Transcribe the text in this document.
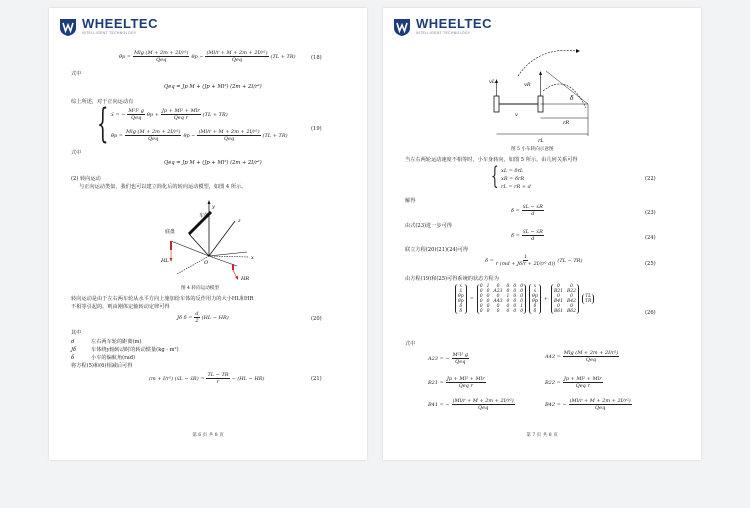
WHEELTEC
INTELLIGENT TECHNOLOGY
θ̈p = $\frac{\text{Mlg (M + 2m + 2I/r²)}}{\text{Qeq}}$ $\theta p - \frac{\text{(Ml/r + M + 2m + 2I/r²)}}{\text{Qeq}} (TL + TR)$	(18)
式中
Qeq = Jp M + (Jp + Ml²) (2m + 2I/r²)
综上所述，对于正向运动有
{ ẍ = − $\frac{\text{M²l² g}}{\text{Qeq}}$ $\theta p + \frac{\text{Jp + Ml² + Mlr}}{\text{Qeq r}} (TL + TR)$
θ̈p = $\frac{\text{Mlg (M + 2m + 2I/r²)}}{\text{Qeq}}$ $\theta p - \frac{\text{(Ml/r + M + 2m + 2I/r²)}}{\text{Qeq}} (TL + TR)$
(19)
式中
Qeq = Jp M + (Jp + Ml²) (2m + 2I/r²)
(2) 转向运动
与正向运动类似，我们也可以建立简化后的转向运动模型，如图 4 所示。
车体
底盘
y
z
x
O
HL
HR
图 4 转向运动模型
转向运动是由于左右两车轮从水平方向上施加给车体的反作用力的大小HL和HR
不相等引起的，则由刚体定轴转动定律可得
Jδ δ̈ = $\frac{d}{2} (HL - HR)$	(20)
其中
d	左右两车轮的距离(m)
Jδ	车体绕y轴转动时的转动惯量(kg · m²)
δ	小车的偏航角(rad)
将方程(5)和(6)相减后可得
(m + I/r²) (ẍL − ẍR) = $\frac{TL - TR}{r} - (HL - HR)$	(21)
第 6 页 共 8 页
WHEELTEC
INTELLIGENT TECHNOLOGY
vL	vR
v
δ
rL
rR
图 5 小车转向示意图
当左右两轮运动速度不相等时，小车身转向，如图 5 所示，由几何关系可得
{ xL = δrL
xR = δrR
rL = rR + d
(22)
解得
δ̇ = $\frac{\text{ẋL − ẋR}}{d}$	(23)
由式(23)进一步可得
δ̈ = $\frac{\text{ẍL − ẍR}}{d}$	(24)
联立方程(20)(21)(24)可得
δ̈ = $\frac{1}{\text{r (md + Jδ/r + 2I/(r² d))}} (TL - TR)$
(25)
由方程(19)和(25)可得系统的状态方程为
ẋ
ẍ
θ̇p
θ̈p
δ̇
δ̈
=
0 1	0	0 0 0
0 0 A23 0 0 0
0 0	0	1 0 0
0 0 A43 0 0 0
0 0	0	0 0 1
0 0	0	0 0 0
x
ẋ
θp
θ̇p
δ
δ̇
+
0	0
B21 B22
0	0
B41 B42
0	0
B61 B62
TL
TR
(26)
式中
A23 = − $\frac{\text{M²l² g}}{\text{Qeq}}$	$A43 = \frac{\text{Mlg (M + 2m + 2I/r²)}}{\text{Qeq}}$
$B21 = \frac{\text{Jp + Ml² + Mlr}}{\text{Qeq r}}$	$B22 = \frac{\text{Jp + Ml² + Mlr}}{\text{Qeq r}}$
B41 = − $\frac{\text{(Ml/r + M + 2m + 2I/r²)}}{\text{Qeq}}$	B42 = − $\frac{\text{(Ml/r + M + 2m + 2I/r²)}}{\text{Qeq}}$
第 7 页 共 8 页
